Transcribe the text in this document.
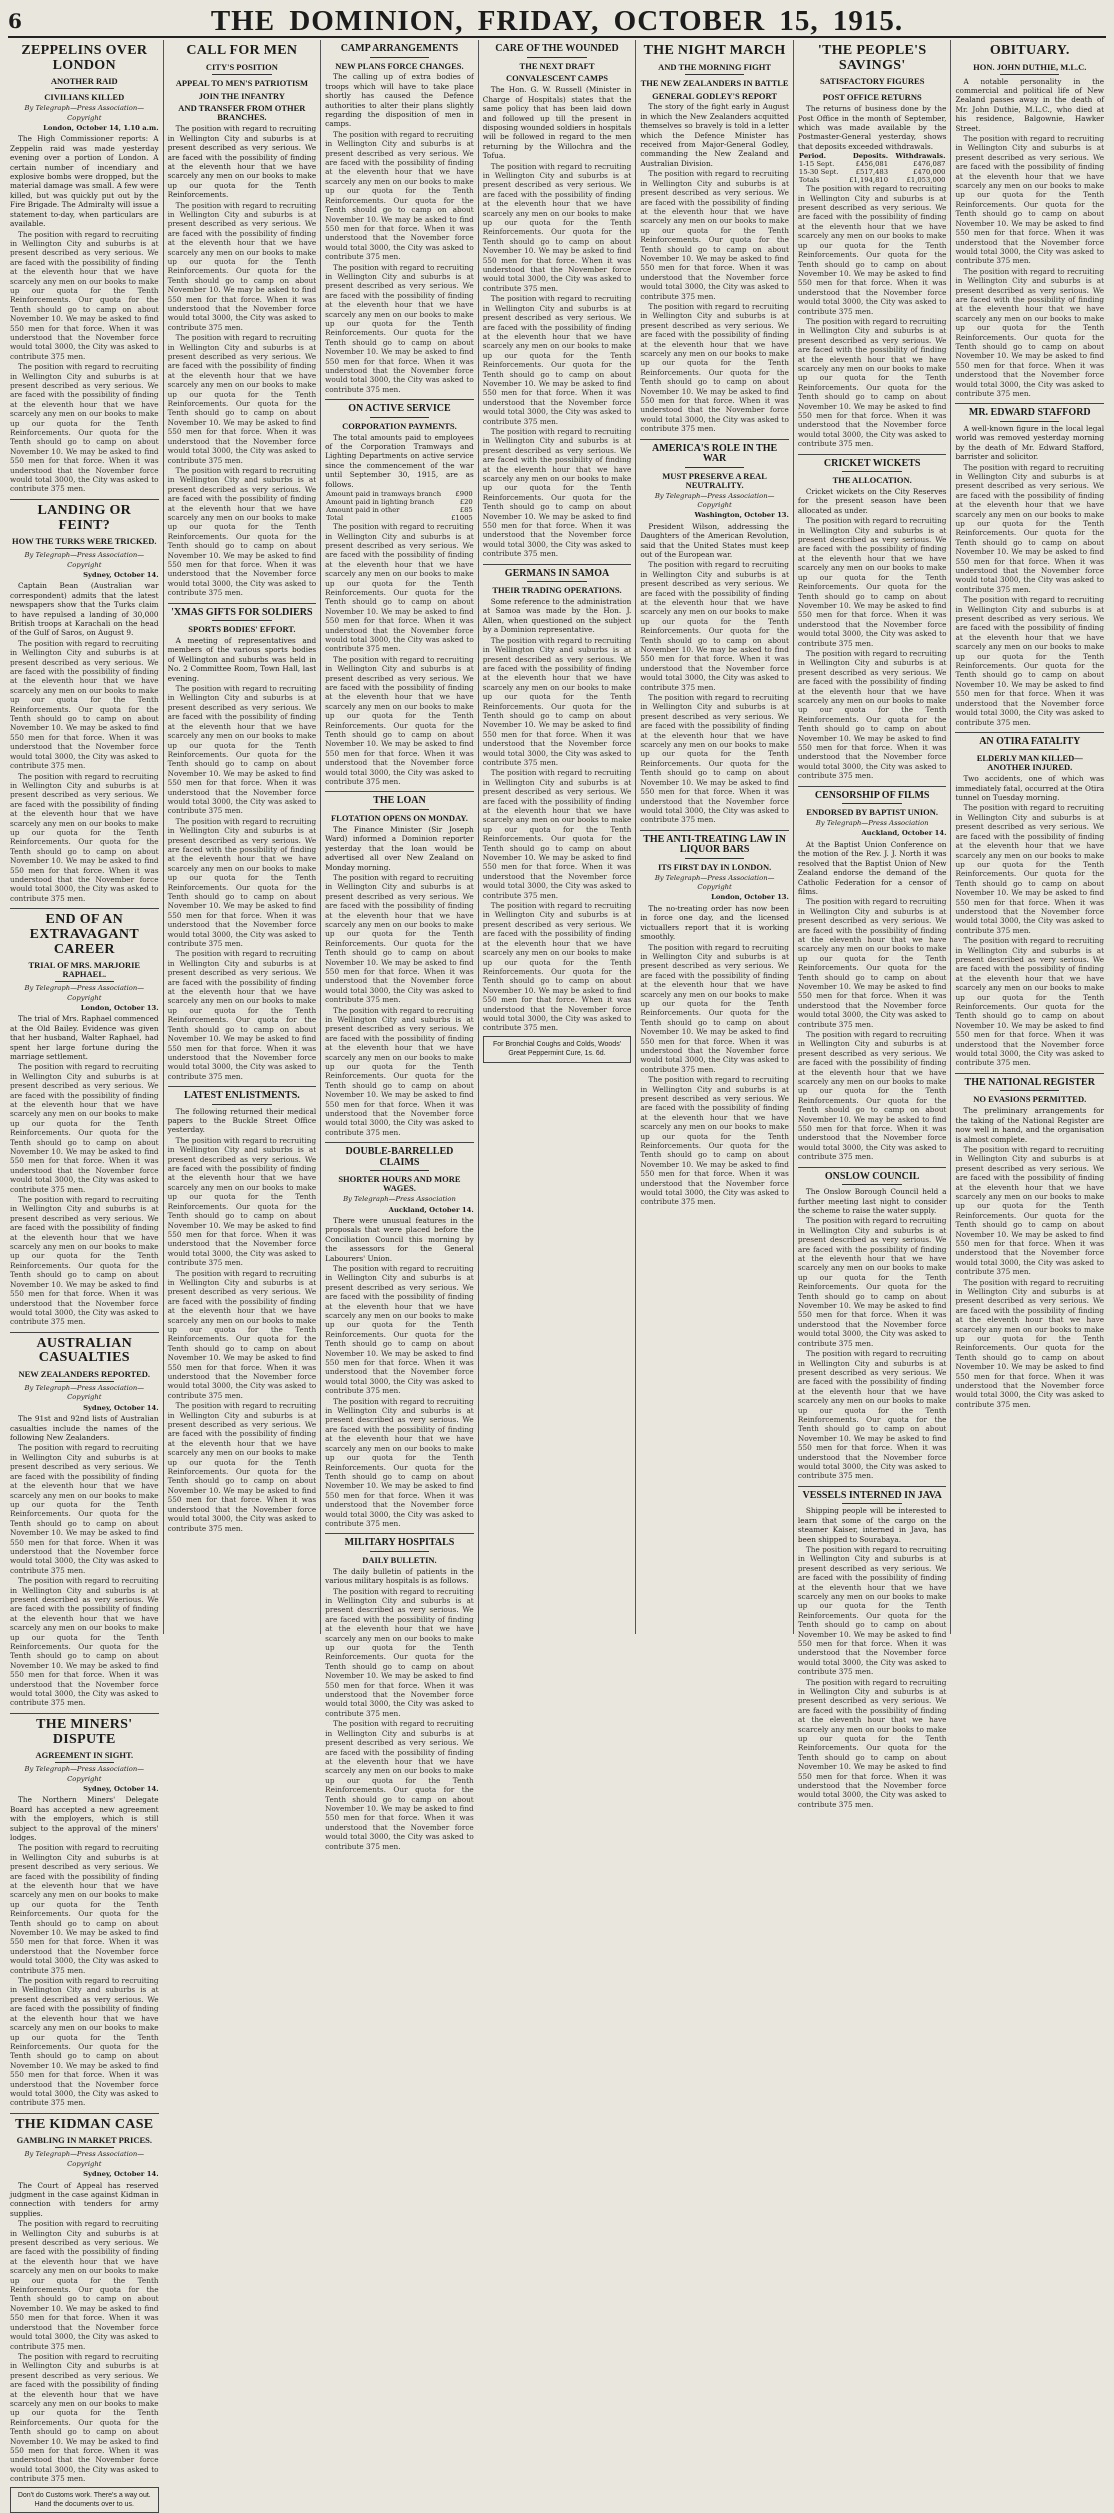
6	THE DOMINION, FRIDAY, OCTOBER 15, 1915.
ZEPPELINS OVER LONDON
ANOTHER RAID
CIVILIANS KILLED
By Telegraph—Press Association—Copyright
London, October 14, 1.10 a.m.

The High Commissioner reports: A Zeppelin raid was made yesterday evening over a portion of London. A certain number of incendiary and explosive bombs were dropped, but the material damage was small. A few were killed, but was quickly put out by the Fire Brigade. The Admiralty will issue a statement to-day, when particulars are available.

The position with regard to recruiting in Wellington City and suburbs is at present described as very serious. We are faced with the possibility of finding at the eleventh hour that we have scarcely any men on our books to make up our quota for the Tenth Reinforcements. Our quota for the Tenth should go to camp on about November 10. We may be asked to find 550 men for that force. When it was understood that the November force would total 3000, the City was asked to contribute 375 men.

The position with regard to recruiting in Wellington City and suburbs is at present described as very serious. We are faced with the possibility of finding at the eleventh hour that we have scarcely any men on our books to make up our quota for the Tenth Reinforcements. Our quota for the Tenth should go to camp on about November 10. We may be asked to find 550 men for that force. When it was understood that the November force would total 3000, the City was asked to contribute 375 men.

LANDING OR FEINT?
HOW THE TURKS WERE TRICKED.
By Telegraph—Press Association—Copyright
Sydney, October 14.

Captain Bean (Australian war correspondent) admits that the latest newspapers show that the Turks claim to have repulsed a landing of 30,000 British troops at Karachali on the head of the Gulf of Saros, on August 9.

The position with regard to recruiting in Wellington City and suburbs is at present described as very serious. We are faced with the possibility of finding at the eleventh hour that we have scarcely any men on our books to make up our quota for the Tenth Reinforcements. Our quota for the Tenth should go to camp on about November 10. We may be asked to find 550 men for that force. When it was understood that the November force would total 3000, the City was asked to contribute 375 men.

The position with regard to recruiting in Wellington City and suburbs is at present described as very serious. We are faced with the possibility of finding at the eleventh hour that we have scarcely any men on our books to make up our quota for the Tenth Reinforcements. Our quota for the Tenth should go to camp on about November 10. We may be asked to find 550 men for that force. When it was understood that the November force would total 3000, the City was asked to contribute 375 men.

END OF AN EXTRAVAGANT CAREER
TRIAL OF MRS. MARJORIE RAPHAEL.
By Telegraph—Press Association—Copyright
London, October 13.

The trial of Mrs. Raphael commenced at the Old Bailey. Evidence was given that her husband, Walter Raphael, had spent her large fortune during the marriage settlement.

The position with regard to recruiting in Wellington City and suburbs is at present described as very serious. We are faced with the possibility of finding at the eleventh hour that we have scarcely any men on our books to make up our quota for the Tenth Reinforcements. Our quota for the Tenth should go to camp on about November 10. We may be asked to find 550 men for that force. When it was understood that the November force would total 3000, the City was asked to contribute 375 men.

The position with regard to recruiting in Wellington City and suburbs is at present described as very serious. We are faced with the possibility of finding at the eleventh hour that we have scarcely any men on our books to make up our quota for the Tenth Reinforcements. Our quota for the Tenth should go to camp on about November 10. We may be asked to find 550 men for that force. When it was understood that the November force would total 3000, the City was asked to contribute 375 men.

AUSTRALIAN CASUALTIES
NEW ZEALANDERS REPORTED.
By Telegraph—Press Association—Copyright
Sydney, October 14.

The 91st and 92nd lists of Australian casualties include the names of the following New Zealanders.

The position with regard to recruiting in Wellington City and suburbs is at present described as very serious. We are faced with the possibility of finding at the eleventh hour that we have scarcely any men on our books to make up our quota for the Tenth Reinforcements. Our quota for the Tenth should go to camp on about November 10. We may be asked to find 550 men for that force. When it was understood that the November force would total 3000, the City was asked to contribute 375 men.

The position with regard to recruiting in Wellington City and suburbs is at present described as very serious. We are faced with the possibility of finding at the eleventh hour that we have scarcely any men on our books to make up our quota for the Tenth Reinforcements. Our quota for the Tenth should go to camp on about November 10. We may be asked to find 550 men for that force. When it was understood that the November force would total 3000, the City was asked to contribute 375 men.

THE MINERS' DISPUTE
AGREEMENT IN SIGHT.
By Telegraph—Press Association—Copyright
Sydney, October 14.

The Northern Miners' Delegate Board has accepted a new agreement with the employers, which is still subject to the approval of the miners' lodges.

The position with regard to recruiting in Wellington City and suburbs is at present described as very serious. We are faced with the possibility of finding at the eleventh hour that we have scarcely any men on our books to make up our quota for the Tenth Reinforcements. Our quota for the Tenth should go to camp on about November 10. We may be asked to find 550 men for that force. When it was understood that the November force would total 3000, the City was asked to contribute 375 men.

The position with regard to recruiting in Wellington City and suburbs is at present described as very serious. We are faced with the possibility of finding at the eleventh hour that we have scarcely any men on our books to make up our quota for the Tenth Reinforcements. Our quota for the Tenth should go to camp on about November 10. We may be asked to find 550 men for that force. When it was understood that the November force would total 3000, the City was asked to contribute 375 men.

THE KIDMAN CASE
GAMBLING IN MARKET PRICES.
By Telegraph—Press Association—Copyright
Sydney, October 14.

The Court of Appeal has reserved judgment in the case against Kidman in connection with tenders for army supplies.

The position with regard to recruiting in Wellington City and suburbs is at present described as very serious. We are faced with the possibility of finding at the eleventh hour that we have scarcely any men on our books to make up our quota for the Tenth Reinforcements. Our quota for the Tenth should go to camp on about November 10. We may be asked to find 550 men for that force. When it was understood that the November force would total 3000, the City was asked to contribute 375 men.

The position with regard to recruiting in Wellington City and suburbs is at present described as very serious. We are faced with the possibility of finding at the eleventh hour that we have scarcely any men on our books to make up our quota for the Tenth Reinforcements. Our quota for the Tenth should go to camp on about November 10. We may be asked to find 550 men for that force. When it was understood that the November force would total 3000, the City was asked to contribute 375 men.

Don't do Customs work. There's a way out. Hand the documents over to us.
CALL FOR MEN
CITY'S POSITION
APPEAL TO MEN'S PATRIOTISM
JOIN THE INFANTRY
AND TRANSFER FROM OTHER BRANCHES.

The position with regard to recruiting in Wellington City and suburbs is at present described as very serious. We are faced with the possibility of finding at the eleventh hour that we have scarcely any men on our books to make up our quota for the Tenth Reinforcements.

The position with regard to recruiting in Wellington City and suburbs is at present described as very serious. We are faced with the possibility of finding at the eleventh hour that we have scarcely any men on our books to make up our quota for the Tenth Reinforcements. Our quota for the Tenth should go to camp on about November 10. We may be asked to find 550 men for that force. When it was understood that the November force would total 3000, the City was asked to contribute 375 men.

The position with regard to recruiting in Wellington City and suburbs is at present described as very serious. We are faced with the possibility of finding at the eleventh hour that we have scarcely any men on our books to make up our quota for the Tenth Reinforcements. Our quota for the Tenth should go to camp on about November 10. We may be asked to find 550 men for that force. When it was understood that the November force would total 3000, the City was asked to contribute 375 men.

The position with regard to recruiting in Wellington City and suburbs is at present described as very serious. We are faced with the possibility of finding at the eleventh hour that we have scarcely any men on our books to make up our quota for the Tenth Reinforcements. Our quota for the Tenth should go to camp on about November 10. We may be asked to find 550 men for that force. When it was understood that the November force would total 3000, the City was asked to contribute 375 men.

'XMAS GIFTS FOR SOLDIERS
SPORTS BODIES' EFFORT.

A meeting of representatives and members of the various sports bodies of Wellington and suburbs was held in No. 2 Committee Room, Town Hall, last evening.

The position with regard to recruiting in Wellington City and suburbs is at present described as very serious. We are faced with the possibility of finding at the eleventh hour that we have scarcely any men on our books to make up our quota for the Tenth Reinforcements. Our quota for the Tenth should go to camp on about November 10. We may be asked to find 550 men for that force. When it was understood that the November force would total 3000, the City was asked to contribute 375 men.

The position with regard to recruiting in Wellington City and suburbs is at present described as very serious. We are faced with the possibility of finding at the eleventh hour that we have scarcely any men on our books to make up our quota for the Tenth Reinforcements. Our quota for the Tenth should go to camp on about November 10. We may be asked to find 550 men for that force. When it was understood that the November force would total 3000, the City was asked to contribute 375 men.

The position with regard to recruiting in Wellington City and suburbs is at present described as very serious. We are faced with the possibility of finding at the eleventh hour that we have scarcely any men on our books to make up our quota for the Tenth Reinforcements. Our quota for the Tenth should go to camp on about November 10. We may be asked to find 550 men for that force. When it was understood that the November force would total 3000, the City was asked to contribute 375 men.

LATEST ENLISTMENTS.

The following returned their medical papers to the Buckle Street Office yesterday.

The position with regard to recruiting in Wellington City and suburbs is at present described as very serious. We are faced with the possibility of finding at the eleventh hour that we have scarcely any men on our books to make up our quota for the Tenth Reinforcements. Our quota for the Tenth should go to camp on about November 10. We may be asked to find 550 men for that force. When it was understood that the November force would total 3000, the City was asked to contribute 375 men.

The position with regard to recruiting in Wellington City and suburbs is at present described as very serious. We are faced with the possibility of finding at the eleventh hour that we have scarcely any men on our books to make up our quota for the Tenth Reinforcements. Our quota for the Tenth should go to camp on about November 10. We may be asked to find 550 men for that force. When it was understood that the November force would total 3000, the City was asked to contribute 375 men.

The position with regard to recruiting in Wellington City and suburbs is at present described as very serious. We are faced with the possibility of finding at the eleventh hour that we have scarcely any men on our books to make up our quota for the Tenth Reinforcements. Our quota for the Tenth should go to camp on about November 10. We may be asked to find 550 men for that force. When it was understood that the November force would total 3000, the City was asked to contribute 375 men.

CAMP ARRANGEMENTS
NEW PLANS FORCE CHANGES.

The calling up of extra bodies of troops which will have to take place shortly has caused the Defence authorities to alter their plans slightly regarding the disposition of men in camps.

The position with regard to recruiting in Wellington City and suburbs is at present described as very serious. We are faced with the possibility of finding at the eleventh hour that we have scarcely any men on our books to make up our quota for the Tenth Reinforcements. Our quota for the Tenth should go to camp on about November 10. We may be asked to find 550 men for that force. When it was understood that the November force would total 3000, the City was asked to contribute 375 men.

The position with regard to recruiting in Wellington City and suburbs is at present described as very serious. We are faced with the possibility of finding at the eleventh hour that we have scarcely any men on our books to make up our quota for the Tenth Reinforcements. Our quota for the Tenth should go to camp on about November 10. We may be asked to find 550 men for that force. When it was understood that the November force would total 3000, the City was asked to contribute 375 men.

ON ACTIVE SERVICE
CORPORATION PAYMENTS.

The total amounts paid to employees of the Corporation Tramways and Lighting Departments on active service since the commencement of the war until September 30, 1915, are as follows.

Amount paid in tramways branch	£900
Amount paid in lighting branch	£20
Amount paid in other	£85
Total	£1005

The position with regard to recruiting in Wellington City and suburbs is at present described as very serious. We are faced with the possibility of finding at the eleventh hour that we have scarcely any men on our books to make up our quota for the Tenth Reinforcements. Our quota for the Tenth should go to camp on about November 10. We may be asked to find 550 men for that force. When it was understood that the November force would total 3000, the City was asked to contribute 375 men.

The position with regard to recruiting in Wellington City and suburbs is at present described as very serious. We are faced with the possibility of finding at the eleventh hour that we have scarcely any men on our books to make up our quota for the Tenth Reinforcements. Our quota for the Tenth should go to camp on about November 10. We may be asked to find 550 men for that force. When it was understood that the November force would total 3000, the City was asked to contribute 375 men.

THE LOAN
FLOTATION OPENS ON MONDAY.

The Finance Minister (Sir Joseph Ward) informed a Dominion reporter yesterday that the loan would be advertised all over New Zealand on Monday morning.

The position with regard to recruiting in Wellington City and suburbs is at present described as very serious. We are faced with the possibility of finding at the eleventh hour that we have scarcely any men on our books to make up our quota for the Tenth Reinforcements. Our quota for the Tenth should go to camp on about November 10. We may be asked to find 550 men for that force. When it was understood that the November force would total 3000, the City was asked to contribute 375 men.

The position with regard to recruiting in Wellington City and suburbs is at present described as very serious. We are faced with the possibility of finding at the eleventh hour that we have scarcely any men on our books to make up our quota for the Tenth Reinforcements. Our quota for the Tenth should go to camp on about November 10. We may be asked to find 550 men for that force. When it was understood that the November force would total 3000, the City was asked to contribute 375 men.

DOUBLE-BARRELLED CLAIMS
SHORTER HOURS AND MORE WAGES.
By Telegraph—Press Association
Auckland, October 14.

There were unusual features in the proposals that were placed before the Conciliation Council this morning by the assessors for the General Labourers' Union.

The position with regard to recruiting in Wellington City and suburbs is at present described as very serious. We are faced with the possibility of finding at the eleventh hour that we have scarcely any men on our books to make up our quota for the Tenth Reinforcements. Our quota for the Tenth should go to camp on about November 10. We may be asked to find 550 men for that force. When it was understood that the November force would total 3000, the City was asked to contribute 375 men.

The position with regard to recruiting in Wellington City and suburbs is at present described as very serious. We are faced with the possibility of finding at the eleventh hour that we have scarcely any men on our books to make up our quota for the Tenth Reinforcements. Our quota for the Tenth should go to camp on about November 10. We may be asked to find 550 men for that force. When it was understood that the November force would total 3000, the City was asked to contribute 375 men.

MILITARY HOSPITALS
DAILY BULLETIN.

The daily bulletin of patients in the various military hospitals is as follows.

The position with regard to recruiting in Wellington City and suburbs is at present described as very serious. We are faced with the possibility of finding at the eleventh hour that we have scarcely any men on our books to make up our quota for the Tenth Reinforcements. Our quota for the Tenth should go to camp on about November 10. We may be asked to find 550 men for that force. When it was understood that the November force would total 3000, the City was asked to contribute 375 men.

The position with regard to recruiting in Wellington City and suburbs is at present described as very serious. We are faced with the possibility of finding at the eleventh hour that we have scarcely any men on our books to make up our quota for the Tenth Reinforcements. Our quota for the Tenth should go to camp on about November 10. We may be asked to find 550 men for that force. When it was understood that the November force would total 3000, the City was asked to contribute 375 men.

CARE OF THE WOUNDED
THE NEXT DRAFT
CONVALESCENT CAMPS

The Hon. G. W. Russell (Minister in Charge of Hospitals) states that the same policy that has been laid down and followed up till the present in disposing wounded soldiers in hospitals will be followed in regard to the men returning by the Willochra and the Tofua.

The position with regard to recruiting in Wellington City and suburbs is at present described as very serious. We are faced with the possibility of finding at the eleventh hour that we have scarcely any men on our books to make up our quota for the Tenth Reinforcements. Our quota for the Tenth should go to camp on about November 10. We may be asked to find 550 men for that force. When it was understood that the November force would total 3000, the City was asked to contribute 375 men.

The position with regard to recruiting in Wellington City and suburbs is at present described as very serious. We are faced with the possibility of finding at the eleventh hour that we have scarcely any men on our books to make up our quota for the Tenth Reinforcements. Our quota for the Tenth should go to camp on about November 10. We may be asked to find 550 men for that force. When it was understood that the November force would total 3000, the City was asked to contribute 375 men.

The position with regard to recruiting in Wellington City and suburbs is at present described as very serious. We are faced with the possibility of finding at the eleventh hour that we have scarcely any men on our books to make up our quota for the Tenth Reinforcements. Our quota for the Tenth should go to camp on about November 10. We may be asked to find 550 men for that force. When it was understood that the November force would total 3000, the City was asked to contribute 375 men.

GERMANS IN SAMOA
THEIR TRADING OPERATIONS.

Some reference to the administration at Samoa was made by the Hon. J. Allen, when questioned on the subject by a Dominion representative.

The position with regard to recruiting in Wellington City and suburbs is at present described as very serious. We are faced with the possibility of finding at the eleventh hour that we have scarcely any men on our books to make up our quota for the Tenth Reinforcements. Our quota for the Tenth should go to camp on about November 10. We may be asked to find 550 men for that force. When it was understood that the November force would total 3000, the City was asked to contribute 375 men.

The position with regard to recruiting in Wellington City and suburbs is at present described as very serious. We are faced with the possibility of finding at the eleventh hour that we have scarcely any men on our books to make up our quota for the Tenth Reinforcements. Our quota for the Tenth should go to camp on about November 10. We may be asked to find 550 men for that force. When it was understood that the November force would total 3000, the City was asked to contribute 375 men.

The position with regard to recruiting in Wellington City and suburbs is at present described as very serious. We are faced with the possibility of finding at the eleventh hour that we have scarcely any men on our books to make up our quota for the Tenth Reinforcements. Our quota for the Tenth should go to camp on about November 10. We may be asked to find 550 men for that force. When it was understood that the November force would total 3000, the City was asked to contribute 375 men.

For Bronchial Coughs and Colds, Woods' Great Peppermint Cure, 1s. 6d.
THE NIGHT MARCH
AND THE MORNING FIGHT
THE NEW ZEALANDERS IN BATTLE
GENERAL GODLEY'S REPORT

The story of the fight early in August in which the New Zealanders acquitted themselves so bravely is told in a letter which the Defence Minister has received from Major-General Godley, commanding the New Zealand and Australian Division.

The position with regard to recruiting in Wellington City and suburbs is at present described as very serious. We are faced with the possibility of finding at the eleventh hour that we have scarcely any men on our books to make up our quota for the Tenth Reinforcements. Our quota for the Tenth should go to camp on about November 10. We may be asked to find 550 men for that force. When it was understood that the November force would total 3000, the City was asked to contribute 375 men.

The position with regard to recruiting in Wellington City and suburbs is at present described as very serious. We are faced with the possibility of finding at the eleventh hour that we have scarcely any men on our books to make up our quota for the Tenth Reinforcements. Our quota for the Tenth should go to camp on about November 10. We may be asked to find 550 men for that force. When it was understood that the November force would total 3000, the City was asked to contribute 375 men.

AMERICA'S ROLE IN THE WAR
MUST PRESERVE A REAL NEUTRALITY.
By Telegraph—Press Association—Copyright
Washington, October 13.

President Wilson, addressing the Daughters of the American Revolution, said that the United States must keep out of the European war.

The position with regard to recruiting in Wellington City and suburbs is at present described as very serious. We are faced with the possibility of finding at the eleventh hour that we have scarcely any men on our books to make up our quota for the Tenth Reinforcements. Our quota for the Tenth should go to camp on about November 10. We may be asked to find 550 men for that force. When it was understood that the November force would total 3000, the City was asked to contribute 375 men.

The position with regard to recruiting in Wellington City and suburbs is at present described as very serious. We are faced with the possibility of finding at the eleventh hour that we have scarcely any men on our books to make up our quota for the Tenth Reinforcements. Our quota for the Tenth should go to camp on about November 10. We may be asked to find 550 men for that force. When it was understood that the November force would total 3000, the City was asked to contribute 375 men.

THE ANTI-TREATING LAW IN LIQUOR BARS
ITS FIRST DAY IN LONDON.
By Telegraph—Press Association—Copyright
London, October 13.

The no-treating order has now been in force one day, and the licensed victuallers report that it is working smoothly.

The position with regard to recruiting in Wellington City and suburbs is at present described as very serious. We are faced with the possibility of finding at the eleventh hour that we have scarcely any men on our books to make up our quota for the Tenth Reinforcements. Our quota for the Tenth should go to camp on about November 10. We may be asked to find 550 men for that force. When it was understood that the November force would total 3000, the City was asked to contribute 375 men.

The position with regard to recruiting in Wellington City and suburbs is at present described as very serious. We are faced with the possibility of finding at the eleventh hour that we have scarcely any men on our books to make up our quota for the Tenth Reinforcements. Our quota for the Tenth should go to camp on about November 10. We may be asked to find 550 men for that force. When it was understood that the November force would total 3000, the City was asked to contribute 375 men.

'THE PEOPLE'S SAVINGS'
SATISFACTORY FIGURES
POST OFFICE RETURNS

The returns of business done by the Post Office in the month of September, which was made available by the Postmaster-General yesterday, shows that deposits exceeded withdrawals.

Period.	Deposits.	Withdrawals.
1-15 Sept.	£456,081	£476,087
15-30 Sept.	£517,483	£470,000
Totals	£1,194,810	£1,053,000

The position with regard to recruiting in Wellington City and suburbs is at present described as very serious. We are faced with the possibility of finding at the eleventh hour that we have scarcely any men on our books to make up our quota for the Tenth Reinforcements. Our quota for the Tenth should go to camp on about November 10. We may be asked to find 550 men for that force. When it was understood that the November force would total 3000, the City was asked to contribute 375 men.

The position with regard to recruiting in Wellington City and suburbs is at present described as very serious. We are faced with the possibility of finding at the eleventh hour that we have scarcely any men on our books to make up our quota for the Tenth Reinforcements. Our quota for the Tenth should go to camp on about November 10. We may be asked to find 550 men for that force. When it was understood that the November force would total 3000, the City was asked to contribute 375 men.

CRICKET WICKETS
THE ALLOCATION.

Cricket wickets on the City Reserves for the present season have been allocated as under.

The position with regard to recruiting in Wellington City and suburbs is at present described as very serious. We are faced with the possibility of finding at the eleventh hour that we have scarcely any men on our books to make up our quota for the Tenth Reinforcements. Our quota for the Tenth should go to camp on about November 10. We may be asked to find 550 men for that force. When it was understood that the November force would total 3000, the City was asked to contribute 375 men.

The position with regard to recruiting in Wellington City and suburbs is at present described as very serious. We are faced with the possibility of finding at the eleventh hour that we have scarcely any men on our books to make up our quota for the Tenth Reinforcements. Our quota for the Tenth should go to camp on about November 10. We may be asked to find 550 men for that force. When it was understood that the November force would total 3000, the City was asked to contribute 375 men.

CENSORSHIP OF FILMS
ENDORSED BY BAPTIST UNION.
By Telegraph—Press Association
Auckland, October 14.

At the Baptist Union Conference on the motion of the Rev. J. J. North it was resolved that the Baptist Union of New Zealand endorse the demand of the Catholic Federation for a censor of films.

The position with regard to recruiting in Wellington City and suburbs is at present described as very serious. We are faced with the possibility of finding at the eleventh hour that we have scarcely any men on our books to make up our quota for the Tenth Reinforcements. Our quota for the Tenth should go to camp on about November 10. We may be asked to find 550 men for that force. When it was understood that the November force would total 3000, the City was asked to contribute 375 men.

The position with regard to recruiting in Wellington City and suburbs is at present described as very serious. We are faced with the possibility of finding at the eleventh hour that we have scarcely any men on our books to make up our quota for the Tenth Reinforcements. Our quota for the Tenth should go to camp on about November 10. We may be asked to find 550 men for that force. When it was understood that the November force would total 3000, the City was asked to contribute 375 men.

ONSLOW COUNCIL

The Onslow Borough Council held a further meeting last night to consider the scheme to raise the water supply.

The position with regard to recruiting in Wellington City and suburbs is at present described as very serious. We are faced with the possibility of finding at the eleventh hour that we have scarcely any men on our books to make up our quota for the Tenth Reinforcements. Our quota for the Tenth should go to camp on about November 10. We may be asked to find 550 men for that force. When it was understood that the November force would total 3000, the City was asked to contribute 375 men.

The position with regard to recruiting in Wellington City and suburbs is at present described as very serious. We are faced with the possibility of finding at the eleventh hour that we have scarcely any men on our books to make up our quota for the Tenth Reinforcements. Our quota for the Tenth should go to camp on about November 10. We may be asked to find 550 men for that force. When it was understood that the November force would total 3000, the City was asked to contribute 375 men.

VESSELS INTERNED IN JAVA

Shipping people will be interested to learn that some of the cargo on the steamer Kaiser, interned in Java, has been shipped to Sourabaya.

The position with regard to recruiting in Wellington City and suburbs is at present described as very serious. We are faced with the possibility of finding at the eleventh hour that we have scarcely any men on our books to make up our quota for the Tenth Reinforcements. Our quota for the Tenth should go to camp on about November 10. We may be asked to find 550 men for that force. When it was understood that the November force would total 3000, the City was asked to contribute 375 men.

The position with regard to recruiting in Wellington City and suburbs is at present described as very serious. We are faced with the possibility of finding at the eleventh hour that we have scarcely any men on our books to make up our quota for the Tenth Reinforcements. Our quota for the Tenth should go to camp on about November 10. We may be asked to find 550 men for that force. When it was understood that the November force would total 3000, the City was asked to contribute 375 men.

OBITUARY.
HON. JOHN DUTHIE, M.L.C.

A notable personality in the commercial and political life of New Zealand passes away in the death of Mr. John Duthie, M.L.C., who died at his residence, Balgownie, Hawker Street.

The position with regard to recruiting in Wellington City and suburbs is at present described as very serious. We are faced with the possibility of finding at the eleventh hour that we have scarcely any men on our books to make up our quota for the Tenth Reinforcements. Our quota for the Tenth should go to camp on about November 10. We may be asked to find 550 men for that force. When it was understood that the November force would total 3000, the City was asked to contribute 375 men.

The position with regard to recruiting in Wellington City and suburbs is at present described as very serious. We are faced with the possibility of finding at the eleventh hour that we have scarcely any men on our books to make up our quota for the Tenth Reinforcements. Our quota for the Tenth should go to camp on about November 10. We may be asked to find 550 men for that force. When it was understood that the November force would total 3000, the City was asked to contribute 375 men.

MR. EDWARD STAFFORD

A well-known figure in the local legal world was removed yesterday morning by the death of Mr. Edward Stafford, barrister and solicitor.

The position with regard to recruiting in Wellington City and suburbs is at present described as very serious. We are faced with the possibility of finding at the eleventh hour that we have scarcely any men on our books to make up our quota for the Tenth Reinforcements. Our quota for the Tenth should go to camp on about November 10. We may be asked to find 550 men for that force. When it was understood that the November force would total 3000, the City was asked to contribute 375 men.

The position with regard to recruiting in Wellington City and suburbs is at present described as very serious. We are faced with the possibility of finding at the eleventh hour that we have scarcely any men on our books to make up our quota for the Tenth Reinforcements. Our quota for the Tenth should go to camp on about November 10. We may be asked to find 550 men for that force. When it was understood that the November force would total 3000, the City was asked to contribute 375 men.

AN OTIRA FATALITY
ELDERLY MAN KILLED—ANOTHER INJURED.

Two accidents, one of which was immediately fatal, occurred at the Otira tunnel on Tuesday morning.

The position with regard to recruiting in Wellington City and suburbs is at present described as very serious. We are faced with the possibility of finding at the eleventh hour that we have scarcely any men on our books to make up our quota for the Tenth Reinforcements. Our quota for the Tenth should go to camp on about November 10. We may be asked to find 550 men for that force. When it was understood that the November force would total 3000, the City was asked to contribute 375 men.

The position with regard to recruiting in Wellington City and suburbs is at present described as very serious. We are faced with the possibility of finding at the eleventh hour that we have scarcely any men on our books to make up our quota for the Tenth Reinforcements. Our quota for the Tenth should go to camp on about November 10. We may be asked to find 550 men for that force. When it was understood that the November force would total 3000, the City was asked to contribute 375 men.

THE NATIONAL REGISTER
NO EVASIONS PERMITTED.

The preliminary arrangements for the taking of the National Register are now well in hand, and the organisation is almost complete.

The position with regard to recruiting in Wellington City and suburbs is at present described as very serious. We are faced with the possibility of finding at the eleventh hour that we have scarcely any men on our books to make up our quota for the Tenth Reinforcements. Our quota for the Tenth should go to camp on about November 10. We may be asked to find 550 men for that force. When it was understood that the November force would total 3000, the City was asked to contribute 375 men.

The position with regard to recruiting in Wellington City and suburbs is at present described as very serious. We are faced with the possibility of finding at the eleventh hour that we have scarcely any men on our books to make up our quota for the Tenth Reinforcements. Our quota for the Tenth should go to camp on about November 10. We may be asked to find 550 men for that force. When it was understood that the November force would total 3000, the City was asked to contribute 375 men.
